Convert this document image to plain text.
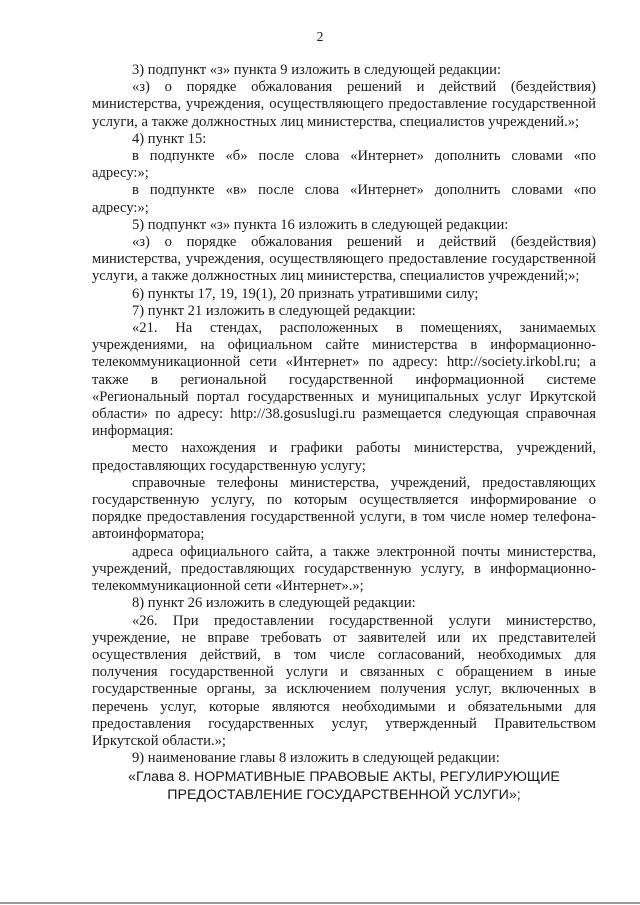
2

3) подпункт «з» пункта 9 изложить в следующей редакции:

«з) о порядке обжалования решений и действий (бездействия) министерства, учреждения, осуществляющего предоставление государственной услуги, а также должностных лиц министерства, специалистов учреждений.»;

4) пункт 15:

в подпункте «б» после слова «Интернет» дополнить словами «по адресу:»;

в подпункте «в» после слова «Интернет» дополнить словами «по адресу:»;

5) подпункт «з» пункта 16 изложить в следующей редакции:

«з) о порядке обжалования решений и действий (бездействия) министерства, учреждения, осуществляющего предоставление государственной услуги, а также должностных лиц министерства, специалистов учреждений;»;

6) пункты 17, 19, 19(1), 20 признать утратившими силу;

7) пункт 21 изложить в следующей редакции:

«21. На стендах, расположенных в помещениях, занимаемых учреждениями, на официальном сайте министерства в информационно-телекоммуникационной сети «Интернет» по адресу: http://society.irkobl.ru; а также в региональной государственной информационной системе «Региональный портал государственных и муниципальных услуг Иркутской области» по адресу: http://38.gosuslugi.ru размещается следующая справочная информация:

место нахождения и графики работы министерства, учреждений, предоставляющих государственную услугу;

справочные телефоны министерства, учреждений, предоставляющих государственную услугу, по которым осуществляется информирование о порядке предоставления государственной услуги, в том числе номер телефона-автоинформатора;

адреса официального сайта, а также электронной почты министерства, учреждений, предоставляющих государственную услугу, в информационно-телекоммуникационной сети «Интернет».»;

8) пункт 26 изложить в следующей редакции:

«26. При предоставлении государственной услуги министерство, учреждение, не вправе требовать от заявителей или их представителей осуществления действий, в том числе согласований, необходимых для получения государственной услуги и связанных с обращением в иные государственные органы, за исключением получения услуг, включенных в перечень услуг, которые являются необходимыми и обязательными для предоставления государственных услуг, утвержденный Правительством Иркутской области.»;

9) наименование главы 8 изложить в следующей редакции:

«Глава 8. НОРМАТИВНЫЕ ПРАВОВЫЕ АКТЫ, РЕГУЛИРУЮЩИЕ

ПРЕДОСТАВЛЕНИЕ ГОСУДАРСТВЕННОЙ УСЛУГИ»;
